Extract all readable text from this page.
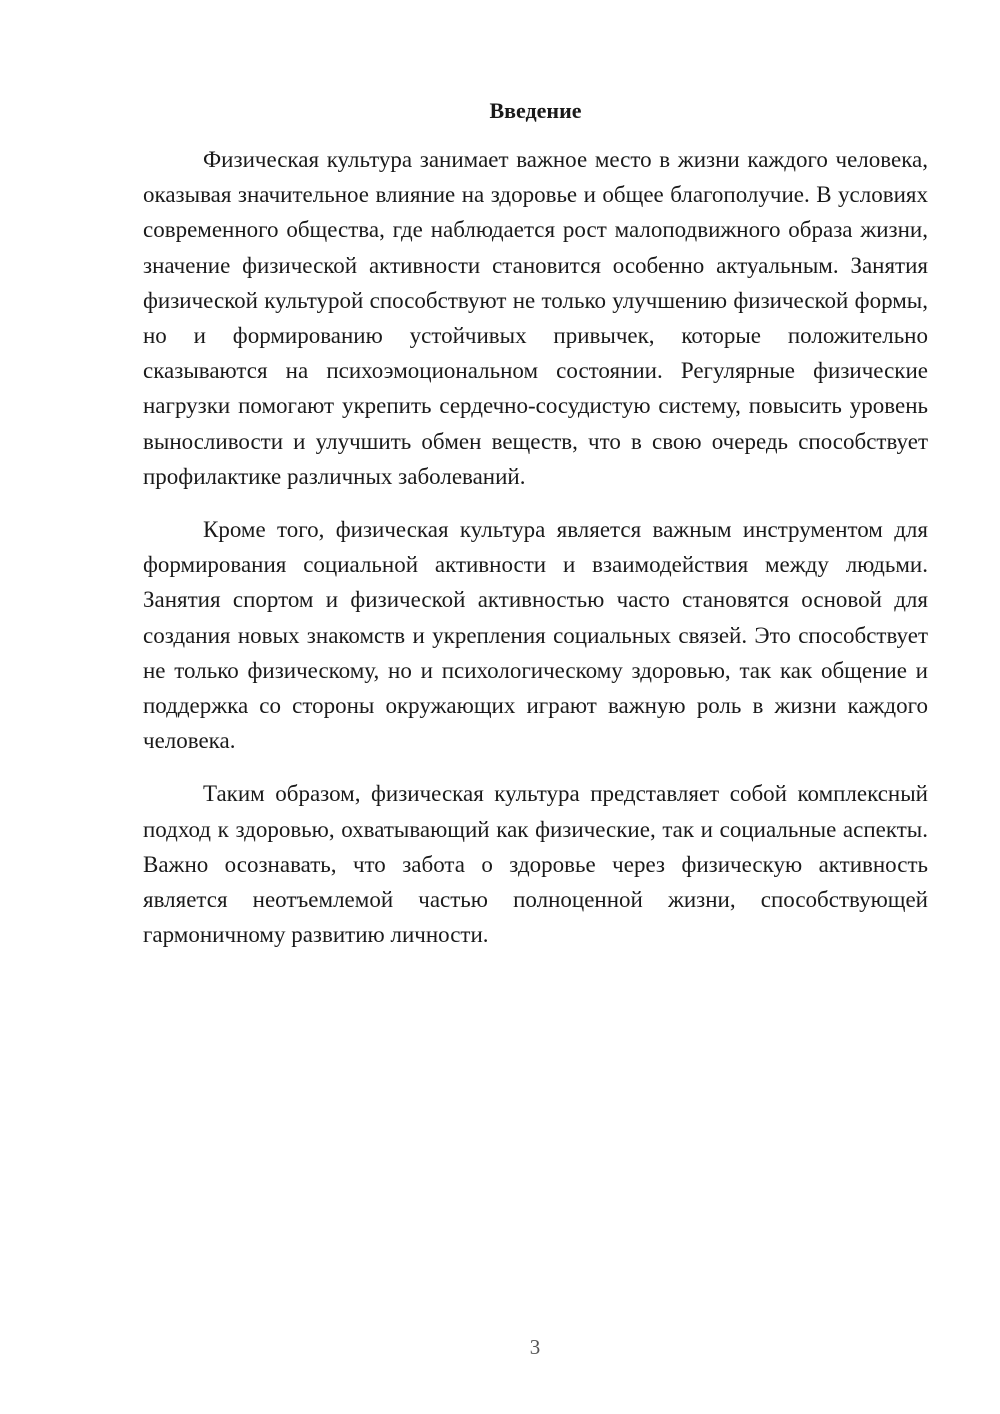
Введение

Физическая культура занимает важное место в жизни каждого человека, оказывая значительное влияние на здоровье и общее благополучие. В условиях современного общества, где наблюдается рост малоподвижного образа жизни, значение физической активности становится особенно актуальным. Занятия физической культурой способствуют не только улучшению физической формы, но и формированию устойчивых привычек, которые положительно сказываются на психоэмоциональном состоянии. Регулярные физические нагрузки помогают укрепить сердечно-сосудистую систему, повысить уровень выносливости и улучшить обмен веществ, что в свою очередь способствует профилактике различных заболеваний.

Кроме того, физическая культура является важным инструментом для формирования социальной активности и взаимодействия между людьми. Занятия спортом и физической активностью часто становятся основой для создания новых знакомств и укрепления социальных связей. Это способствует не только физическому, но и психологическому здоровью, так как общение и поддержка со стороны окружающих играют важную роль в жизни каждого человека.

Таким образом, физическая культура представляет собой комплексный подход к здоровью, охватывающий как физические, так и социальные аспекты. Важно осознавать, что забота о здоровье через физическую активность является неотъемлемой частью полноценной жизни, способствующей гармоничному развитию личности.

3
